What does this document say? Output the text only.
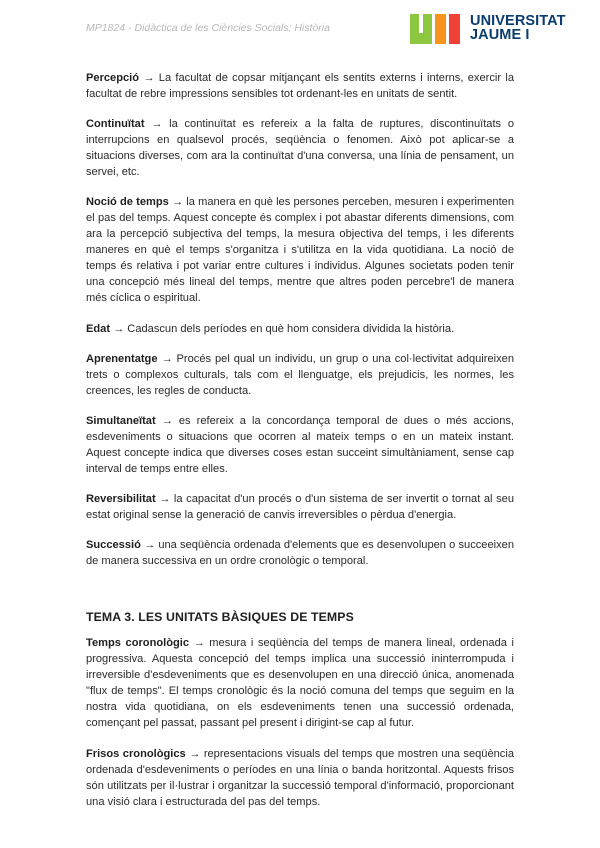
MP1824 - Didàctica de les Ciències Socials: Història	UNIVERSITAT
JAUME I

Percepció → La facultat de copsar mitjançant els sentits externs i interns, exercir la facultat de rebre impressions sensibles tot ordenant-les en unitats de sentit.

Continuïtat → la continuïtat es refereix a la falta de ruptures, discontinuïtats o interrupcions en qualsevol procés, seqüència o fenomen. Això pot aplicar-se a situacions diverses, com ara la continuïtat d'una conversa, una línia de pensament, un servei, etc.

Noció de temps → la manera en què les persones perceben, mesuren i experimenten el pas del temps. Aquest concepte és complex i pot abastar diferents dimensions, com ara la percepció subjectiva del temps, la mesura objectiva del temps, i les diferents maneres en què el temps s'organitza i s'utilitza en la vida quotidiana. La noció de temps és relativa i pot variar entre cultures i individus. Algunes societats poden tenir una concepció més lineal del temps, mentre que altres poden percebre'l de manera més cíclica o espiritual.

Edat → Cadascun dels períodes en què hom considera dividida la història.

Aprenentatge → Procés pel qual un individu, un grup o una col·lectivitat adquireixen trets o complexos culturals, tals com el llenguatge, els prejudicis, les normes, les creences, les regles de conducta.

Simultaneïtat → es refereix a la concordança temporal de dues o més accions, esdeveniments o situacions que ocorren al mateix temps o en un mateix instant. Aquest concepte indica que diverses coses estan succeint simultàniament, sense cap interval de temps entre elles.

Reversibilitat → la capacitat d'un procés o d'un sistema de ser invertit o tornat al seu estat original sense la generació de canvis irreversibles o pèrdua d'energia.

Successió → una seqüència ordenada d'elements que es desenvolupen o succeeixen de manera successiva en un ordre cronològic o temporal.

TEMA 3. LES UNITATS BÀSIQUES DE TEMPS

Temps coronològic → mesura i seqüència del temps de manera lineal, ordenada i progressiva. Aquesta concepció del temps implica una successió ininterrompuda i irreversible d'esdeveniments que es desenvolupen en una direcció única, anomenada "flux de temps". El temps cronològic és la noció comuna del temps que seguim en la nostra vida quotidiana, on els esdeveniments tenen una successió ordenada, començant pel passat, passant pel present i dirigint-se cap al futur.

Frisos cronològics → representacions visuals del temps que mostren una seqüència ordenada d'esdeveniments o períodes en una línia o banda horitzontal. Aquests frisos són utilitzats per il·lustrar i organitzar la successió temporal d'informació, proporcionant una visió clara i estructurada del pas del temps.
